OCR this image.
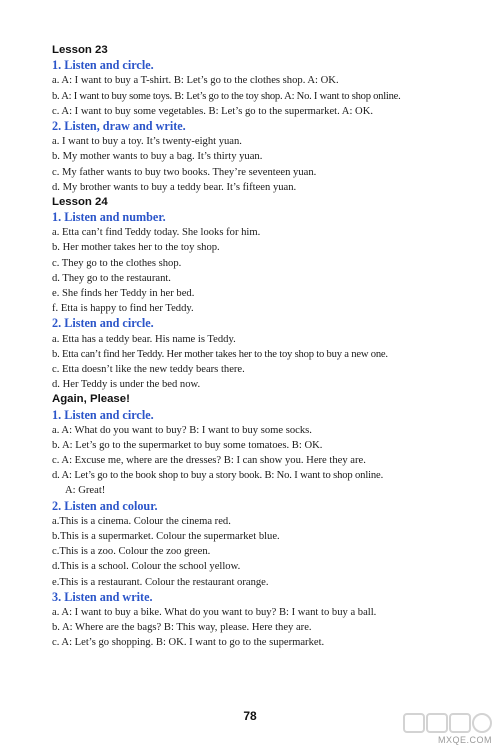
Lesson 23
1. Listen and circle.
a. A: I want to buy a T-shirt. B: Let’s go to the clothes shop. A: OK.
b. A: I want to buy some toys. B: Let’s go to the toy shop. A: No. I want to shop online.
c. A: I want to buy some vegetables. B: Let’s go to the supermarket. A: OK.
2. Listen, draw and write.
a. I want to buy a toy. It’s twenty-eight yuan.
b. My mother wants to buy a bag. It’s thirty yuan.
c. My father wants to buy two books. They’re seventeen yuan.
d. My brother wants to buy a teddy bear. It’s fifteen yuan.
Lesson 24
1. Listen and number.
a. Etta can’t find Teddy today. She looks for him.
b. Her mother takes her to the toy shop.
c. They go to the clothes shop.
d. They go to the restaurant.
e. She finds her Teddy in her bed.
f. Etta is happy to find her Teddy.
2. Listen and circle.
a. Etta has a teddy bear. His name is Teddy.
b. Etta can’t find her Teddy. Her mother takes her to the toy shop to buy a new one.
c. Etta doesn’t like the new teddy bears there.
d. Her Teddy is under the bed now.
Again, Please!
1. Listen and circle.
a. A: What do you want to buy? B: I want to buy some socks.
b. A: Let’s go to the supermarket to buy some tomatoes. B: OK.
c. A: Excuse me, where are the dresses? B: I can show you. Here they are.
d. A: Let’s go to the book shop to buy a story book. B: No. I want to shop online.
A: Great!
2. Listen and colour.
a.This is a cinema. Colour the cinema red.
b.This is a supermarket. Colour the supermarket blue.
c.This is a zoo. Colour the zoo green.
d.This is a school. Colour the school yellow.
e.This is a restaurant. Colour the restaurant orange.
3. Listen and write.
a. A: I want to buy a bike. What do you want to buy? B: I want to buy a ball.
b. A: Where are the bags? B: This way, please. Here they are.
c. A: Let’s go shopping. B: OK. I want to go to the supermarket.
78
MXQE.COM
